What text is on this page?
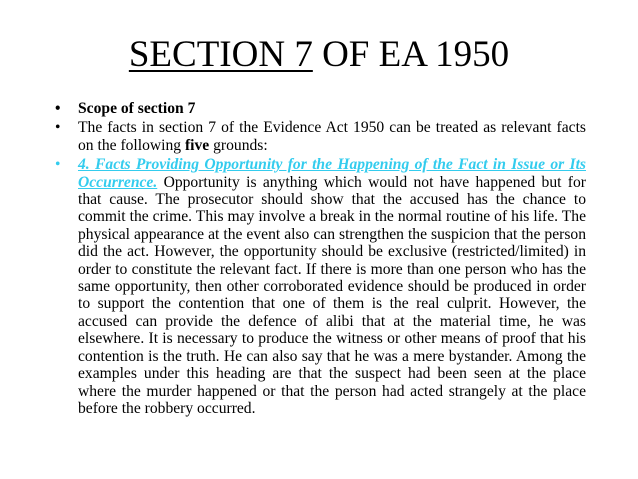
SECTION 7 OF EA 1950
• Scope of section 7
• The facts in section 7 of the Evidence Act 1950 can be treated as relevant facts on the following five grounds:
• 4. Facts Providing Opportunity for the Happening of the Fact in Issue or Its Occurrence. Opportunity is anything which would not have happened but for that cause. The prosecutor should show that the accused has the chance to commit the crime. This may involve a break in the normal routine of his life. The physical appearance at the event also can strengthen the suspicion that the person did the act. However, the opportunity should be exclusive (restricted/limited) in order to constitute the relevant fact. If there is more than one person who has the same opportunity, then other corroborated evidence should be produced in order to support the contention that one of them is the real culprit. However, the accused can provide the defence of alibi that at the material time, he was elsewhere. It is necessary to produce the witness or other means of proof that his contention is the truth. He can also say that he was a mere bystander. Among the examples under this heading are that the suspect had been seen at the place where the murder happened or that the person had acted strangely at the place before the robbery occurred.
